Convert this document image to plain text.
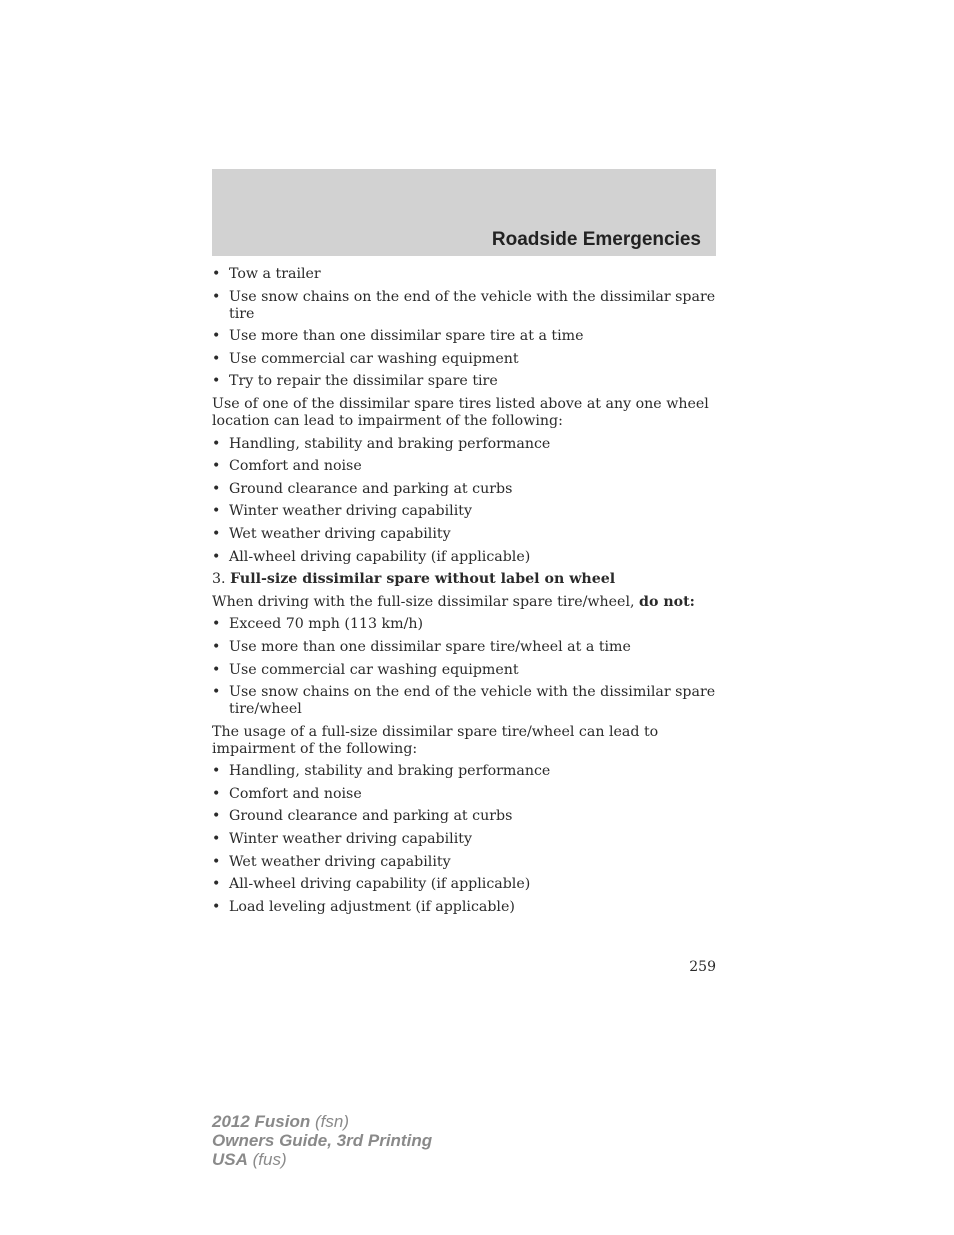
Roadside Emergencies
• Tow a trailer
• Use snow chains on the end of the vehicle with the dissimilar spare tire
• Use more than one dissimilar spare tire at a time
• Use commercial car washing equipment
• Try to repair the dissimilar spare tire
Use of one of the dissimilar spare tires listed above at any one wheel location can lead to impairment of the following:
• Handling, stability and braking performance
• Comfort and noise
• Ground clearance and parking at curbs
• Winter weather driving capability
• Wet weather driving capability
• All-wheel driving capability (if applicable)
3. Full-size dissimilar spare without label on wheel
When driving with the full-size dissimilar spare tire/wheel, do not:
• Exceed 70 mph (113 km/h)
• Use more than one dissimilar spare tire/wheel at a time
• Use commercial car washing equipment
• Use snow chains on the end of the vehicle with the dissimilar spare tire/wheel
The usage of a full-size dissimilar spare tire/wheel can lead to impairment of the following:
• Handling, stability and braking performance
• Comfort and noise
• Ground clearance and parking at curbs
• Winter weather driving capability
• Wet weather driving capability
• All-wheel driving capability (if applicable)
• Load leveling adjustment (if applicable)
259
2012 Fusion (fsn)
Owners Guide, 3rd Printing
USA (fus)
